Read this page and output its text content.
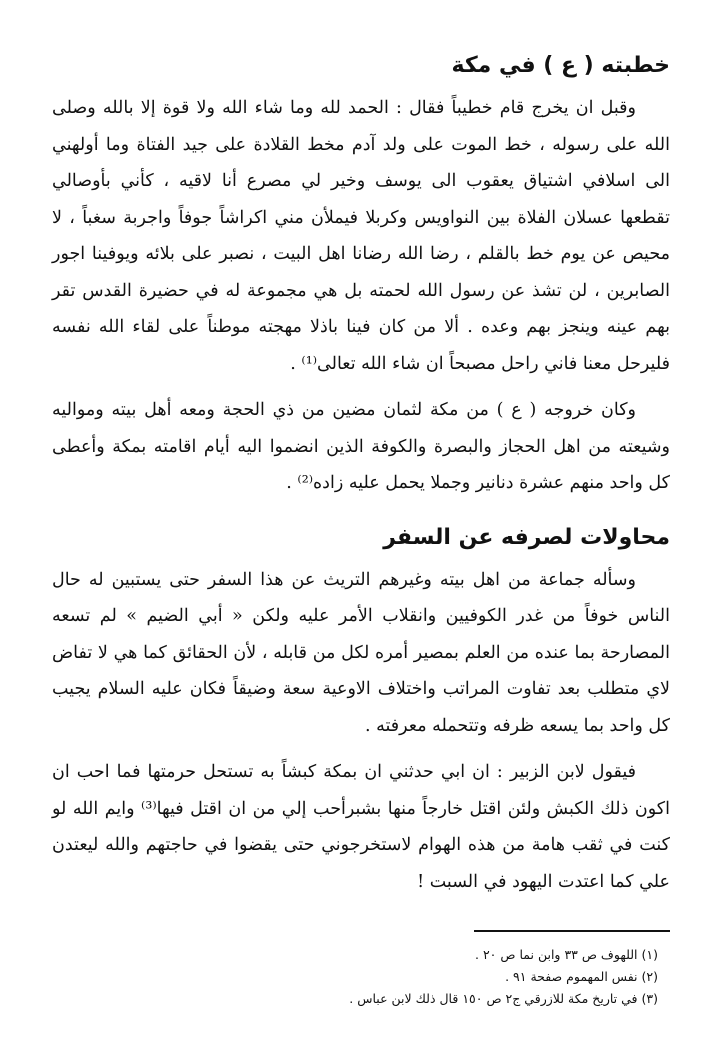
خطبته ( ع ) في مكة

وقبل ان يخرج قام خطيباً فقال : الحمد لله وما شاء الله ولا قوة إلا بالله وصلى الله على رسوله ، خط الموت على ولد آدم مخط القلادة على جيد الفتاة وما أولهني الى اسلافي اشتياق يعقوب الى يوسف وخير لي مصرع أنا لاقيه ، كأني بأوصالي تقطعها عسلان الفلاة بين النواويس وكربلا فيملأن مني اكراشاً جوفاً واجربة سغباً ، لا محيص عن يوم خط بالقلم ، رضا الله رضانا اهل البيت ، نصبر على بلائه ويوفينا اجور الصابرين ، لن تشذ عن رسول الله لحمته بل هي مجموعة له في حضيرة القدس تقر بهم عينه وينجز بهم وعده . ألا من كان فينا باذلا مهجته موطناً على لقاء الله نفسه فليرحل معنا فاني راحل مصبحاً ان شاء الله تعالى⁽¹⁾ .

وكان خروجه ( ع ) من مكة لثمان مضين من ذي الحجة ومعه أهل بيته ومواليه وشيعته من اهل الحجاز والبصرة والكوفة الذين انضموا اليه أيام اقامته بمكة وأعطى كل واحد منهم عشرة دنانير وجملا يحمل عليه زاده⁽²⁾ .

محاولات لصرفه عن السفر

وسأله جماعة من اهل بيته وغيرهم التريث عن هذا السفر حتى يستبين له حال الناس خوفاً من غدر الكوفيين وانقلاب الأمر عليه ولكن « أبي الضيم » لم تسعه المصارحة بما عنده من العلم بمصير أمره لكل من قابله ، لأن الحقائق كما هي لا تفاض لاي متطلب بعد تفاوت المراتب واختلاف الاوعية سعة وضيقاً فكان عليه السلام يجيب كل واحد بما يسعه ظرفه وتتحمله معرفته .

فيقول لابن الزبير : ان ابي حدثني ان بمكة كبشاً به تستحل حرمتها فما احب ان اكون ذلك الكبش ولئن اقتل خارجاً منها بشبرأحب إلي من ان اقتل فيها⁽³⁾ وايم الله لو كنت في ثقب هامة من هذه الهوام لاستخرجوني حتى يقضوا في حاجتهم والله ليعتدن علي كما اعتدت اليهود في السبت !

(١) اللهوف ص ٣٣ وابن نما ص ٢٠ .
(٢) نفس المهموم صفحة ٩١ .
(٣) في تاريخ مكة للازرقي ج٢ ص ١٥٠ قال ذلك لابن عباس .
